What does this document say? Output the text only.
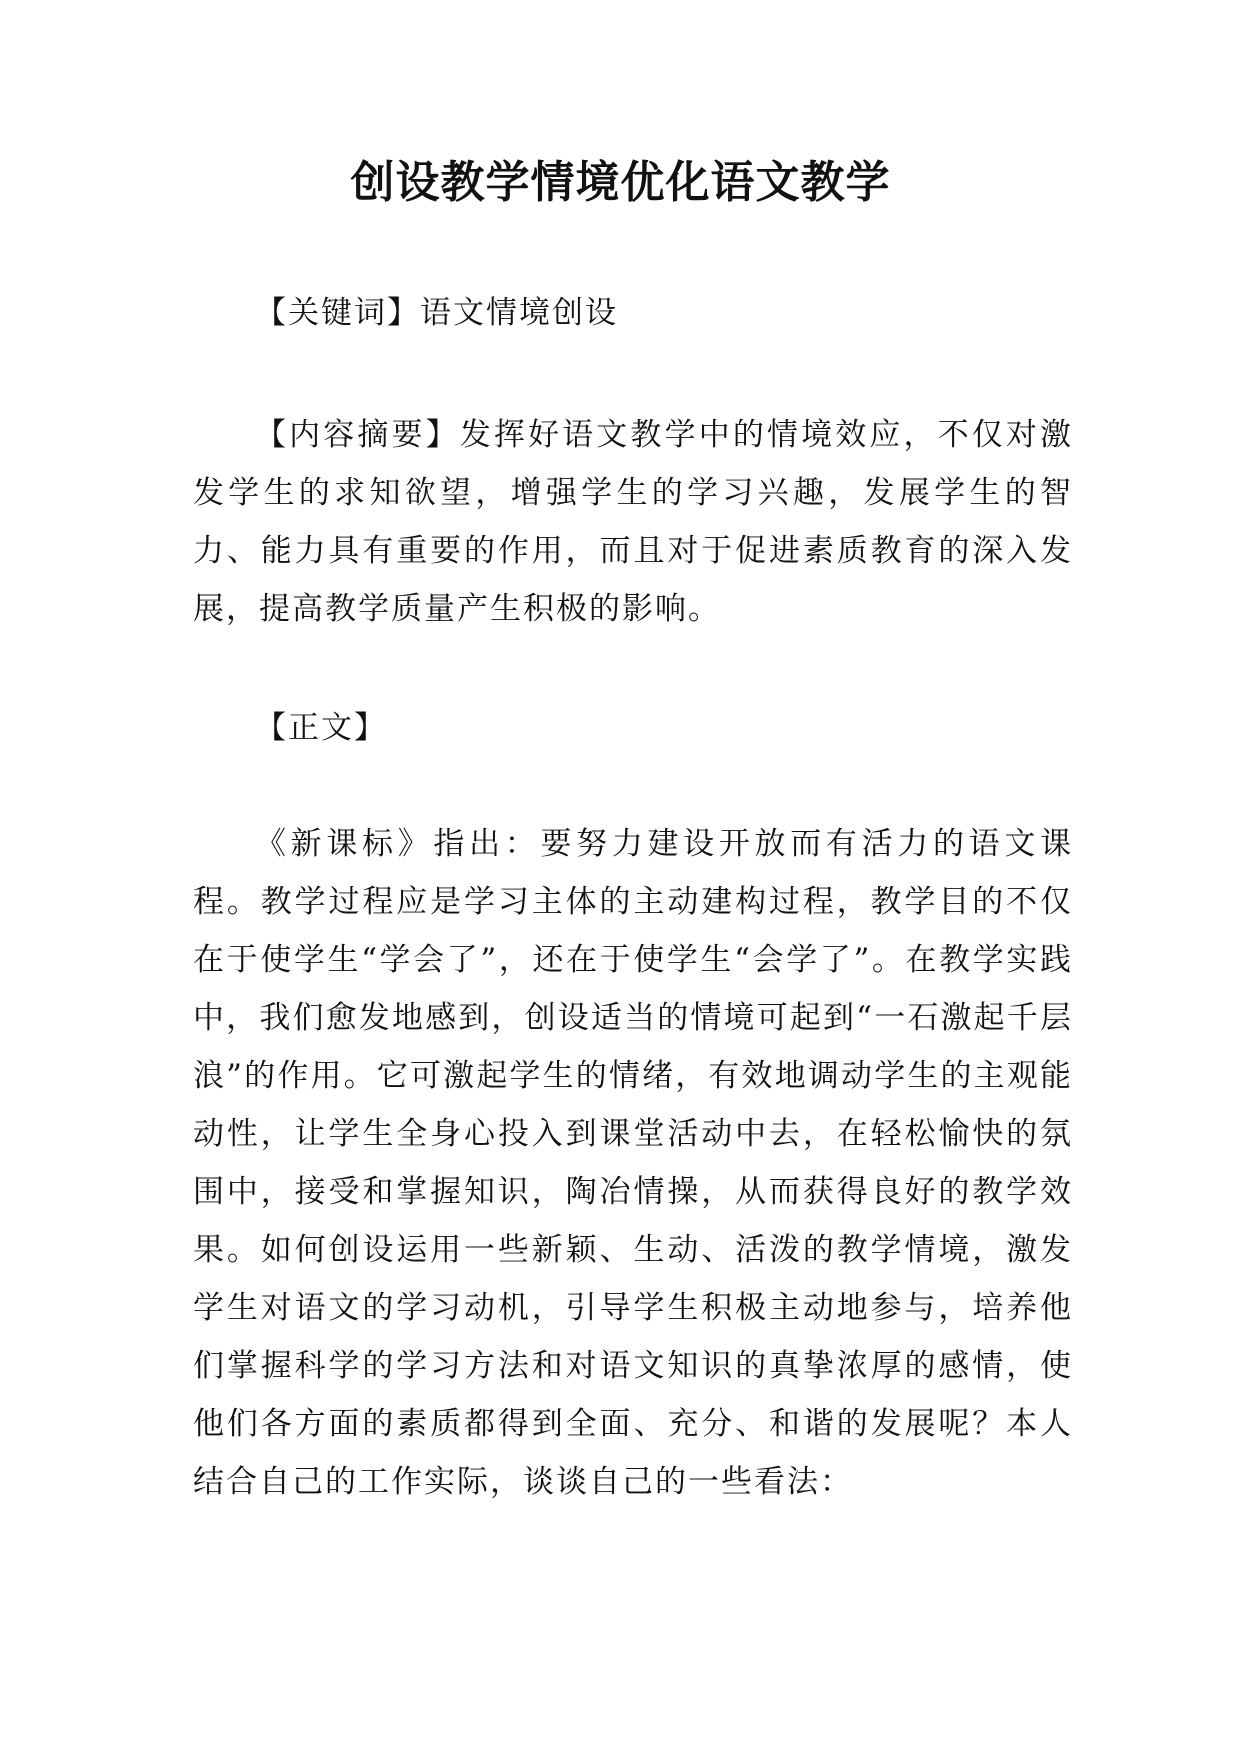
创设教学情境优化语文教学

【关键词】语文情境创设

【内容摘要】发挥好语文教学中的情境效应，不仅对激发学生的求知欲望，增强学生的学习兴趣，发展学生的智力、能力具有重要的作用，而且对于促进素质教育的深入发展，提高教学质量产生积极的影响。

【正文】

《新课标》指出：要努力建设开放而有活力的语文课程。教学过程应是学习主体的主动建构过程，教学目的不仅在于使学生“学会了”，还在于使学生“会学了”。在教学实践中，我们愈发地感到，创设适当的情境可起到“一石激起千层浪”的作用。它可激起学生的情绪，有效地调动学生的主观能动性，让学生全身心投入到课堂活动中去，在轻松愉快的氛围中，接受和掌握知识，陶冶情操，从而获得良好的教学效果。如何创设运用一些新颖、生动、活泼的教学情境，激发学生对语文的学习动机，引导学生积极主动地参与，培养他们掌握科学的学习方法和对语文知识的真挚浓厚的感情，使他们各方面的素质都得到全面、充分、和谐的发展呢？本人结合自己的工作实际，谈谈自己的一些看法：
